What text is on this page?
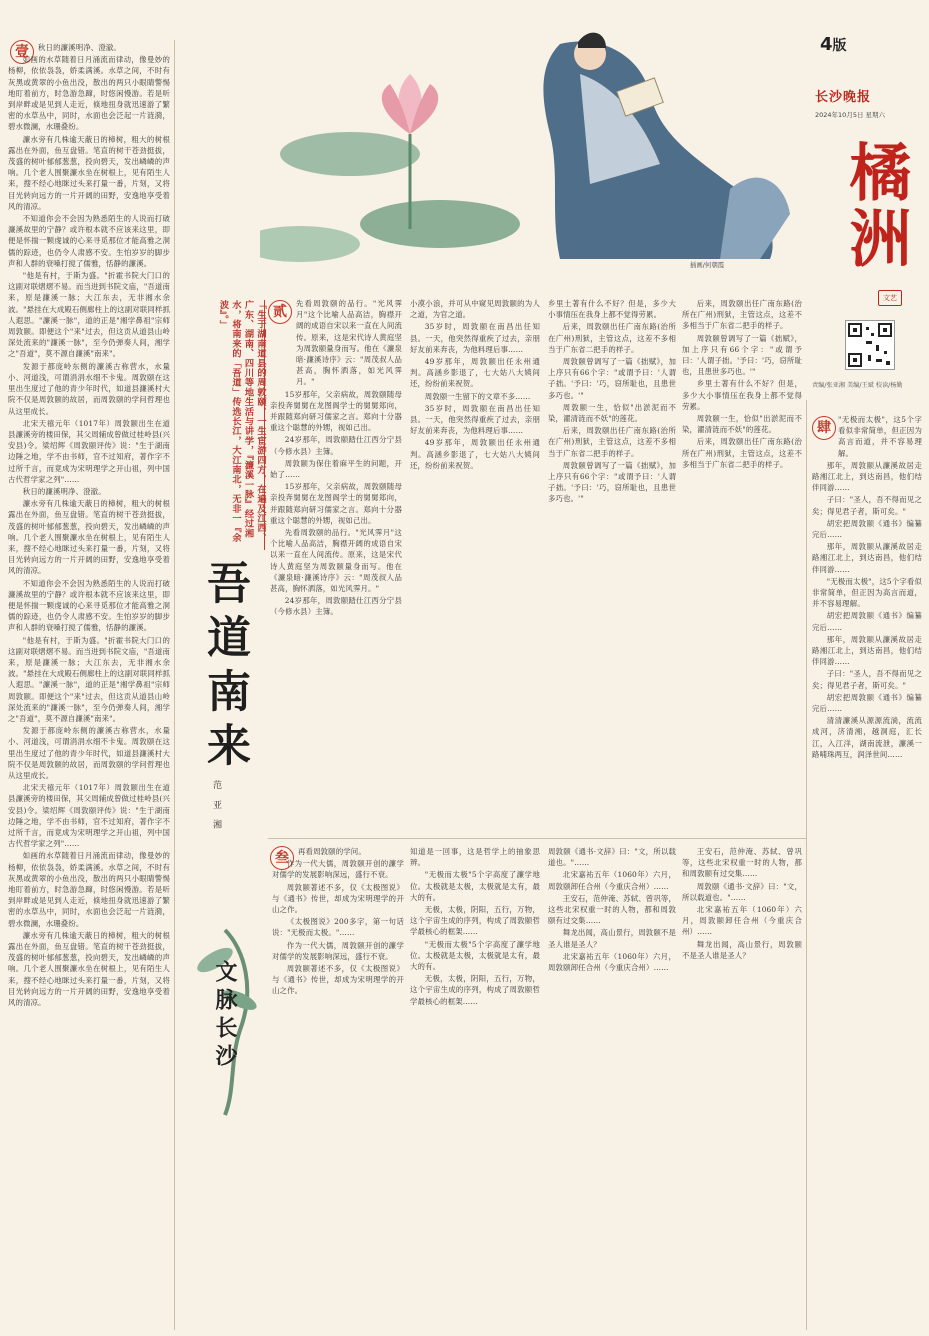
插画/何朝霞
4版
长沙晚报
2024年10月5日 星期六
橘洲
文艺
责编/张亚湘 美编/王斌 校读/杨勤
壹	秋日的濂溪明净、澄澈。

如画的水草随着日月涌流而律动，像曼妙的杨柳，依依袅袅，娇柔满溪。水草之间，不时有灰黑或黄翠的小鱼出没，散出的两只小眼睛警惕地盯着前方，时急游急蹿，时悠闲慢游。若是听到岸畔或是见到人走近，倏地扭身就迅速游了繁密的水草丛中，同时，水面也会泛起一片涟漪，碧水微澜，水珊叠纷。

濂水旁有几株逾天蔽日的樟树，粗大的树根露出在外面，鱼互盘错。笔直的树干苍劲挺拔，茂盛的树叶郁郁葱葱，投向碧天，发出嶙嶙的声响。几个老人围聚濂水坐在树根上，见有陌生人来，搜不经心地眯过头来打量一番，片刻，又将目光转向远方的一片开阔的田野，安逸地享受着风的清凉。

不知道你会不会因为熟悉陌生的人说而打破濂溪故里的宁静？或许根本就不应该来这里，即便是怀揣一颗虔诚的心来寻觅那位才能高雅之洞儒的踪迹，也仍令人肃感不安。生怕岁岁的脚步声和人群的衰嗓打搅了儒雅，恬静的濂溪。

"他是有村，于斯为盛。"折霍书院大门口的这副对联熠熠不易。而当进到书院文庙，"吾道南来，原是濂溪一脉；大江东去，无非湘水余波。"悬挂在大成殿石侧廊柱上的这副对联同样抓人遐思。"濂溪一脉"，道的正是"湘学鼻祖"宗师周敦颐。即便这个"来"过去，但这贡从道县山岭深处流来的"濂溪一脉"，至今仍弹奏人间，湘学之"吾道"，莫不源自濂溪"南来"。

发源于都庞岭东侧的濂溪古称营水，水量小、河道浅，可谓涓涓水细不卡鬼。周敦颐在这里出生度过了他的青少年时代，如道县濂溪村大院不仅是周敦颐的故居，而周敦颐的学问哲理也从这里成长。

北宋天禧元年（1017年）周敦颐出生在道县濂溪旁的楼田保，其父周辅成曾做过桂岭县(兴安县)令。梁绍辉《周敦颐评传》说："生于湖南边陲之地，学不由书师，官不过知府，著作字不过所千言，而竟成为宋明理学之开山祖，列中国古代哲学家之列"……

秋日的濂溪明净、澄澈。

濂水旁有几株逾天蔽日的樟树，粗大的树根露出在外面，鱼互盘错。笔直的树干苍劲挺拔，茂盛的树叶郁郁葱葱，投向碧天，发出嶙嶙的声响。几个老人围聚濂水坐在树根上，见有陌生人来，搜不经心地眯过头来打量一番，片刻，又将目光转向远方的一片开阔的田野，安逸地享受着风的清凉。

不知道你会不会因为熟悉陌生的人说而打破濂溪故里的宁静？或许根本就不应该来这里，即便是怀揣一颗虔诚的心来寻觅那位才能高雅之洞儒的踪迹，也仍令人肃感不安。生怕岁岁的脚步声和人群的衰嗓打搅了儒雅，恬静的濂溪。

"他是有村，于斯为盛。"折霍书院大门口的这副对联熠熠不易。而当进到书院文庙，"吾道南来，原是濂溪一脉；大江东去，无非湘水余波。"悬挂在大成殿石侧廊柱上的这副对联同样抓人遐思。"濂溪一脉"，道的正是"湘学鼻祖"宗师周敦颐。即便这个"来"过去，但这贡从道县山岭深处流来的"濂溪一脉"，至今仍弹奏人间，湘学之"吾道"，莫不源自濂溪"南来"。

发源于都庞岭东侧的濂溪古称营水，水量小、河道浅，可谓涓涓水细不卡鬼。周敦颐在这里出生度过了他的青少年时代，如道县濂溪村大院不仅是周敦颐的故居，而周敦颐的学问哲理也从这里成长。

北宋天禧元年（1017年）周敦颐出生在道县濂溪旁的楼田保，其父周辅成曾做过桂岭县(兴安县)令。梁绍辉《周敦颐评传》说："生于湖南边陲之地，学不由书师，官不过知府，著作字不过所千言，而竟成为宋明理学之开山祖，列中国古代哲学家之列"……

如画的水草随着日月涌流而律动，像曼妙的杨柳，依依袅袅，娇柔满溪。水草之间，不时有灰黑或黄翠的小鱼出没，散出的两只小眼睛警惕地盯着前方，时急游急蹿，时悠闲慢游。若是听到岸畔或是见到人走近，倏地扭身就迅速游了繁密的水草丛中，同时，水面也会泛起一片涟漪，碧水微澜，水珊叠纷。

濂水旁有几株逾天蔽日的樟树，粗大的树根露出在外面，鱼互盘错。笔直的树干苍劲挺拔，茂盛的树叶郁郁葱葱，投向碧天，发出嶙嶙的声响。几个老人围聚濂水坐在树根上，见有陌生人来，搜不经心地眯过头来打量一番，片刻，又将目光转向远方的一片开阔的田野，安逸地享受着风的清凉。

「生于湖南道县的周敦颐，一生宦游四方，在遍及江西、广东、湖南、四川等地生活与讲学，『濂溪一脉』经过湘水，将南来的「吾道」传选长江，大江南北，无非一『余波』。」
吾道南来
范 亚 湘
贰

先看周敦颐的品行。"光风霁月"这个比喻人品高洁，胸襟开阔的成语自宋以来一直在人间流传。原来，这是宋代诗人黄庭坚为周敦颐量身而写。他在《濂泉暗·濂溪诗序》云："周茂叔人品甚高，胸怀洒落，如光风霁月。"

15岁那年，父亲病故，周敦颐随母亲投奔舅舅在龙图阁学士的舅舅郑向，并跟随郑向研习儒家之言。郑向十分器重这个聪慧的外甥，视如己出。

24岁那年，周敦颐踏仕江西分宁县（今修水县）主簿。

周敦颐为保住着麻平生的问题，开始了……

15岁那年，父亲病故，周敦颐随母亲投奔舅舅在龙图阁学士的舅舅郑向，并跟随郑向研习儒家之言。郑向十分器重这个聪慧的外甥，视如己出。

先看周敦颐的品行。"光风霁月"这个比喻人品高洁，胸襟开阔的成语自宋以来一直在人间流传。原来，这是宋代诗人黄庭坚为周敦颐量身而写。他在《濂泉暗·濂溪诗序》云："周茂叔人品甚高，胸怀洒落，如光风霁月。"

24岁那年，周敦颐踏仕江西分宁县（今修水县）主簿。

小漠小浪，并可从中窥见周敦颐的为人之道，为官之道。

35岁时，周敦颐在南昌出任知县。一天，他突然得重疾了过去，亲朋好友前来奔丧，为他料理后事……

49岁那年，周敦颐出任永州通判。高涵乡影退了，七大姑八大姨间还，纷纷前来祝贺。

周敦颐一生留下的文章不多……

35岁时，周敦颐在南昌出任知县。一天，他突然得重疾了过去，亲朋好友前来奔丧，为他料理后事……

49岁那年，周敦颐出任永州通判。高涵乡影退了，七大姑八大姨间还，纷纷前来祝贺。

乡里土著有什么不好？但是，多少大小事情压在我身上都不觉得劳累。

后来，周敦颐出任广南东路(治所在广州)刑狱，主管这点，这差不多相当于广东省二把手的样子。

周敦颐曾调写了一篇《拙赋》，加上序只有66个字："或谓予曰：'人谓子拙。'予曰：'巧，窃所耻也，且患世多巧也。'"

周敦颐一生，恰似"出淤泥而不染，濯清涟而不妖"的莲花。

后来，周敦颐出任广南东路(治所在广州)刑狱，主管这点，这差不多相当于广东省二把手的样子。

周敦颐曾调写了一篇《拙赋》，加上序只有66个字："或谓予曰：'人谓子拙。'予曰：'巧，窃所耻也，且患世多巧也。'"

后来，周敦颐出任广南东路(治所在广州)刑狱，主管这点，这差不多相当于广东省二把手的样子。

周敦颐曾调写了一篇《拙赋》，加上序只有66个字："或谓予曰：'人谓子拙。'予曰：'巧，窃所耻也，且患世多巧也。'"

乡里土著有什么不好？但是，多少大小事情压在我身上都不觉得劳累。

周敦颐一生，恰似"出淤泥而不染，濯清涟而不妖"的莲花。

后来，周敦颐出任广南东路(治所在广州)刑狱，主管这点，这差不多相当于广东省二把手的样子。

文脉长沙
叁	再看周敦颐的学问。

作为一代大儒，周敦颐开创的濂学对儒学的发展影响深远，盛行不衰。

周敦颐著述不多，仅《太极图说》与《通书》传世，却成为宋明理学的开山之作。

《太极图说》200多字，第一句话说："无极而太极。"……

作为一代大儒，周敦颐开创的濂学对儒学的发展影响深远，盛行不衰。

周敦颐著述不多，仅《太极图说》与《通书》传世，却成为宋明理学的开山之作。

知道是一回事，这是哲学上的抽象思辨。

"无极而太极"5个字高度了濂学地位。太极就是太极，太极就是太有，最大的有。

无极，太极，阴阳，五行，万物，这个宇宙生成的序列，构成了周敦颐哲学最核心的框架……

"无极而太极"5个字高度了濂学地位。太极就是太极，太极就是太有，最大的有。

无极，太极，阴阳，五行，万物，这个宇宙生成的序列，构成了周敦颐哲学最核心的框架……

周敦颐《通书·文辞》曰："文，所以载道也。"……

北宋嘉祐五年（1060年）六月，周敦颐卸任合州（今重庆合州）……

王安石，范仲淹、苏轼、曾巩等，这些北宋权重一时的人物，都和周敦颐有过交集……

舞龙出闻，高山景行，周敦颐不是圣人谁是圣人？

北宋嘉祐五年（1060年）六月，周敦颐卸任合州（今重庆合州）……

王安石，范仲淹、苏轼、曾巩等，这些北宋权重一时的人物，都和周敦颐有过交集……

周敦颐《通书·文辞》曰："文，所以载道也。"……

北宋嘉祐五年（1060年）六月，周敦颐卸任合州（今重庆合州）……

舞龙出闻，高山景行，周敦颐不是圣人谁是圣人？

肆

"无极而太极"，这5个字看似非常简单，但正因为高言而道，并不容易理解。

那年，周敦颐从濂溪故居走路湘江北上，到达南昌，他们结伴同游……

子曰："圣人，吾不得而见之矣；得见君子者，斯可矣。"

胡宏把周敦颐《通书》编纂完后……

那年，周敦颐从濂溪故居走路湘江北上，到达南昌，他们结伴同游……

"无极而太极"，这5个字看似非常简单，但正因为高言而道，并不容易理解。

胡宏把周敦颐《通书》编纂完后……

那年，周敦颐从濂溪故居走路湘江北上，到达南昌，他们结伴同游……

子曰："圣人，吾不得而见之矣；得见君子者，斯可矣。"

胡宏把周敦颐《通书》编纂完后……

清清濂溪从源源流淌，流流成河，济清湘，越洞庭，汇长江，入江洋，湖南流泄，濂溪一路哺珠两互，润泽世间……
